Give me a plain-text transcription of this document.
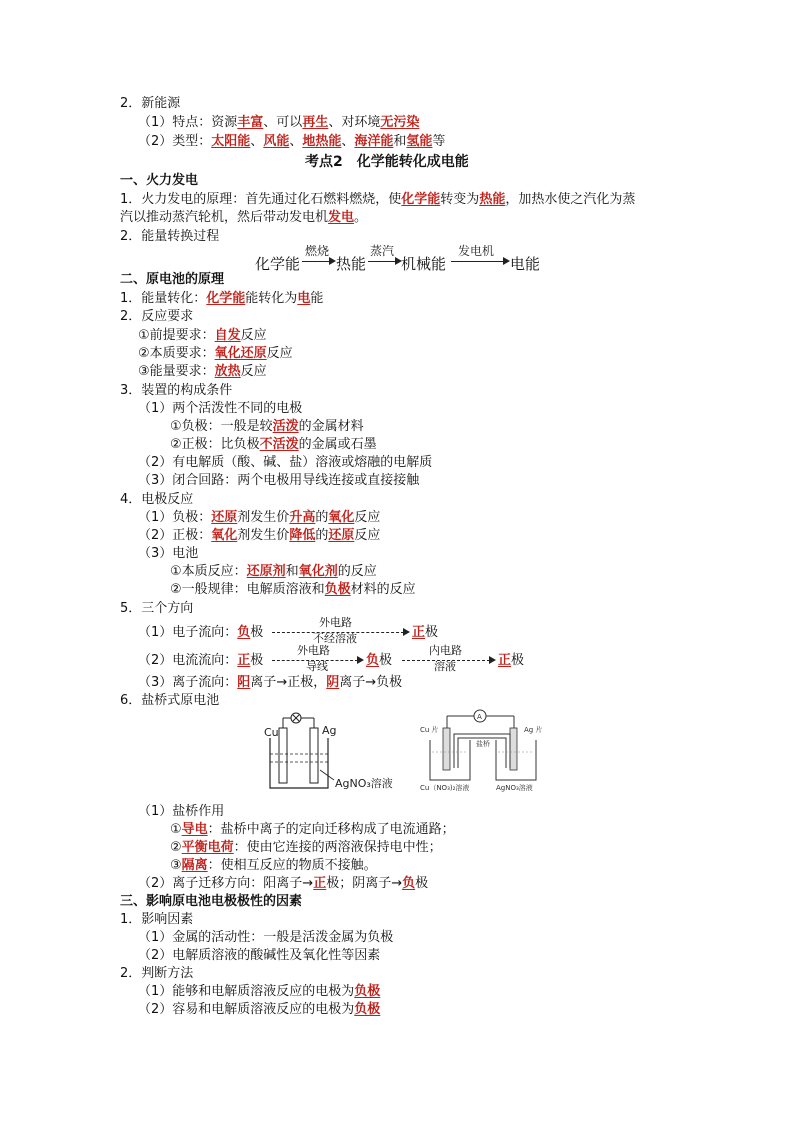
2．新能源
（1）特点：资源丰富、可以再生、对环境无污染
（2）类型：太阳能、风能、地热能、海洋能和氢能等
考点2　化学能转化成电能
一、火力发电
1．火力发电的原理：首先通过化石燃料燃烧，使化学能转变为热能，加热水使之汽化为蒸
汽以推动蒸汽轮机，然后带动发电机发电。
2．能量转换过程
化学能
燃烧
热能
蒸汽
机械能
发电机
电能
二、原电池的原理
1．能量转化：化学能能转化为电能
2．反应要求
①前提要求：自发反应
②本质要求：氧化还原反应
③能量要求：放热反应
3．装置的构成条件
（1）两个活泼性不同的电极
①负极：一般是较活泼的金属材料
②正极：比负极不活泼的金属或石墨
（2）有电解质（酸、碱、盐）溶液或熔融的电解质
（3）闭合回路：两个电极用导线连接或直接接触
4．电极反应
（1）负极：还原剂发生价升高的氧化反应
（2）正极：氧化剂发生价降低的还原反应
（3）电池
①本质反应：还原剂和氧化剂的反应
②一般规律：电解质溶液和负极材料的反应
5．三个方向
（1）电子流向：负极
外电路
不经溶液	正极
（2）电流流向：正极
外电路
导线	负极
内电路
溶液	正极
（3）离子流向：阳离子→正极，阴离子→负极
6．盐桥式原电池
Cu	Ag
AgNO₃溶液
A
Cu 片	Ag 片
盐桥
Cu（NO₃)₂溶液	AgNO₃溶液
（1）盐桥作用
①导电：盐桥中离子的定向迁移构成了电流通路；
②平衡电荷：使由它连接的两溶液保持电中性；
③隔离：使相互反应的物质不接触。
（2）离子迁移方向：阳离子→正极；阴离子→负极
三、影响原电池电极极性的因素
1．影响因素
（1）金属的活动性：一般是活泼金属为负极
（2）电解质溶液的酸碱性及氧化性等因素
2．判断方法
（1）能够和电解质溶液反应的电极为负极
（2）容易和电解质溶液反应的电极为负极
